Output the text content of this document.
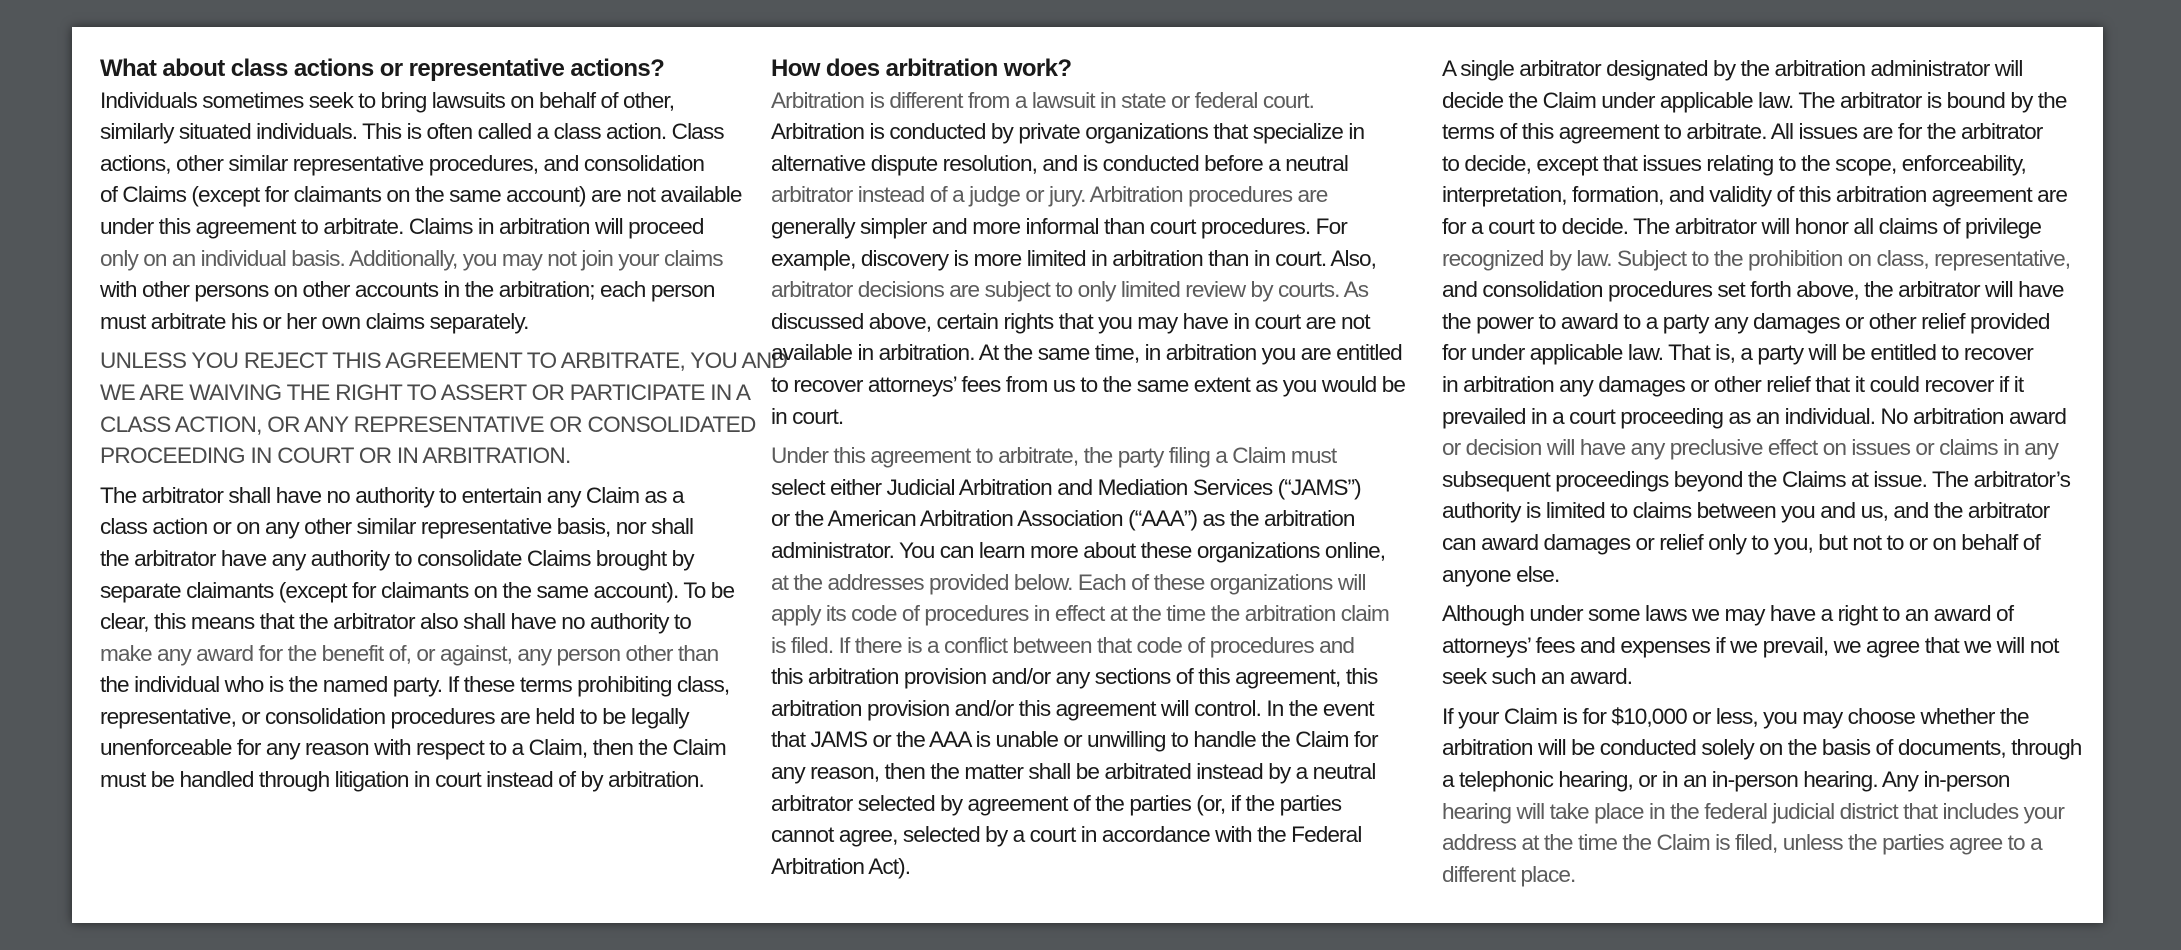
What about class actions or representative actions?
Individuals sometimes seek to bring lawsuits on behalf of other,
similarly situated individuals. This is often called a class action. Class
actions, other similar representative procedures, and consolidation
of Claims (except for claimants on the same account) are not available
under this agreement to arbitrate. Claims in arbitration will proceed
only on an individual basis. Additionally, you may not join your claims
with other persons on other accounts in the arbitration; each person
must arbitrate his or her own claims separately.
UNLESS YOU REJECT THIS AGREEMENT TO ARBITRATE, YOU AND
WE ARE WAIVING THE RIGHT TO ASSERT OR PARTICIPATE IN A
CLASS ACTION, OR ANY REPRESENTATIVE OR CONSOLIDATED
PROCEEDING IN COURT OR IN ARBITRATION.
The arbitrator shall have no authority to entertain any Claim as a
class action or on any other similar representative basis, nor shall
the arbitrator have any authority to consolidate Claims brought by
separate claimants (except for claimants on the same account). To be
clear, this means that the arbitrator also shall have no authority to
make any award for the benefit of, or against, any person other than
the individual who is the named party. If these terms prohibiting class,
representative, or consolidation procedures are held to be legally
unenforceable for any reason with respect to a Claim, then the Claim
must be handled through litigation in court instead of by arbitration.
How does arbitration work?
Arbitration is different from a lawsuit in state or federal court.
Arbitration is conducted by private organizations that specialize in
alternative dispute resolution, and is conducted before a neutral
arbitrator instead of a judge or jury. Arbitration procedures are
generally simpler and more informal than court procedures. For
example, discovery is more limited in arbitration than in court. Also,
arbitrator decisions are subject to only limited review by courts. As
discussed above, certain rights that you may have in court are not
available in arbitration. At the same time, in arbitration you are entitled
to recover attorneys’ fees from us to the same extent as you would be
in court.
Under this agreement to arbitrate, the party filing a Claim must
select either Judicial Arbitration and Mediation Services (“JAMS”)
or the American Arbitration Association (“AAA”) as the arbitration
administrator. You can learn more about these organizations online,
at the addresses provided below. Each of these organizations will
apply its code of procedures in effect at the time the arbitration claim
is filed. If there is a conflict between that code of procedures and
this arbitration provision and/or any sections of this agreement, this
arbitration provision and/or this agreement will control. In the event
that JAMS or the AAA is unable or unwilling to handle the Claim for
any reason, then the matter shall be arbitrated instead by a neutral
arbitrator selected by agreement of the parties (or, if the parties
cannot agree, selected by a court in accordance with the Federal
Arbitration Act).
A single arbitrator designated by the arbitration administrator will
decide the Claim under applicable law. The arbitrator is bound by the
terms of this agreement to arbitrate. All issues are for the arbitrator
to decide, except that issues relating to the scope, enforceability,
interpretation, formation, and validity of this arbitration agreement are
for a court to decide. The arbitrator will honor all claims of privilege
recognized by law. Subject to the prohibition on class, representative,
and consolidation procedures set forth above, the arbitrator will have
the power to award to a party any damages or other relief provided
for under applicable law. That is, a party will be entitled to recover
in arbitration any damages or other relief that it could recover if it
prevailed in a court proceeding as an individual. No arbitration award
or decision will have any preclusive effect on issues or claims in any
subsequent proceedings beyond the Claims at issue. The arbitrator’s
authority is limited to claims between you and us, and the arbitrator
can award damages or relief only to you, but not to or on behalf of
anyone else.
Although under some laws we may have a right to an award of
attorneys’ fees and expenses if we prevail, we agree that we will not
seek such an award.
If your Claim is for $10,000 or less, you may choose whether the
arbitration will be conducted solely on the basis of documents, through
a telephonic hearing, or in an in-person hearing. Any in-person
hearing will take place in the federal judicial district that includes your
address at the time the Claim is filed, unless the parties agree to a
different place.
